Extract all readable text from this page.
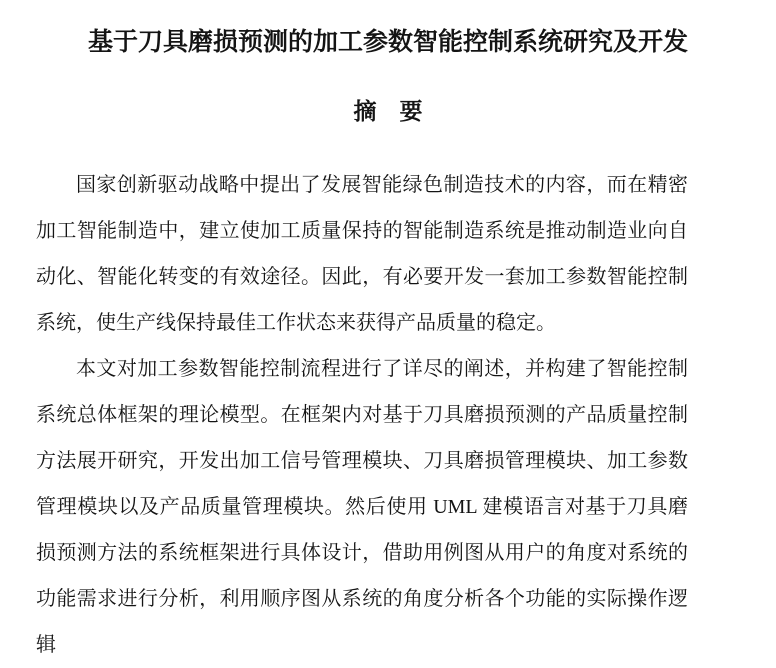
基于刀具磨损预测的加工参数智能控制系统研究及开发
摘　要

国家创新驱动战略中提出了发展智能绿色制造技术的内容，而在精密加工智能制造中，建立使加工质量保持的智能制造系统是推动制造业向自动化、智能化转变的有效途径。因此，有必要开发一套加工参数智能控制系统，使生产线保持最佳工作状态来获得产品质量的稳定。

本文对加工参数智能控制流程进行了详尽的阐述，并构建了智能控制系统总体框架的理论模型。在框架内对基于刀具磨损预测的产品质量控制方法展开研究，开发出加工信号管理模块、刀具磨损管理模块、加工参数管理模块以及产品质量管理模块。然后使用 UML 建模语言对基于刀具磨损预测方法的系统框架进行具体设计，借助用例图从用户的角度对系统的功能需求进行分析，利用顺序图从系统的角度分析各个功能的实际操作逻辑
